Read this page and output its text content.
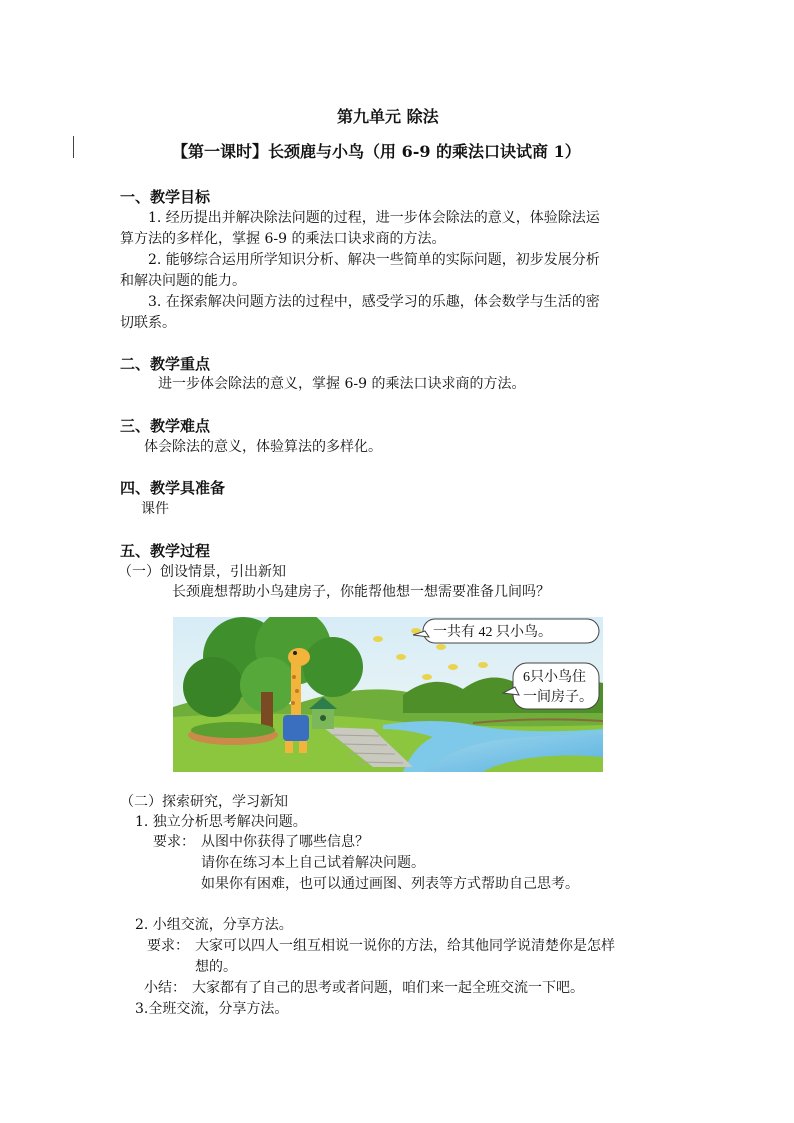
第九单元 除法
【第一课时】长颈鹿与小鸟（用 6-9 的乘法口诀试商 1）
一、教学目标
1. 经历提出并解决除法问题的过程，进一步体会除法的意义，体验除法运
算方法的多样化，掌握 6-9 的乘法口诀求商的方法。
2. 能够综合运用所学知识分析、解决一些简单的实际问题，初步发展分析
和解决问题的能力。
3. 在探索解决问题方法的过程中，感受学习的乐趣，体会数学与生活的密
切联系。
二、教学重点
进一步体会除法的意义，掌握 6-9 的乘法口诀求商的方法。
三、教学难点
体会除法的意义，体验算法的多样化。
四、教学具准备
课件
五、教学过程
（一）创设情景，引出新知
长颈鹿想帮助小鸟建房子，你能帮他想一想需要准备几间吗？
一共有 42 只小鸟。
6只小鸟住
一间房子。
（二）探索研究，学习新知
1. 独立分析思考解决问题。
要求： 从图中你获得了哪些信息？
请你在练习本上自己试着解决问题。
如果你有困难，也可以通过画图、列表等方式帮助自己思考。
2. 小组交流，分享方法。
要求： 大家可以四人一组互相说一说你的方法，给其他同学说清楚你是怎样
想的。
小结： 大家都有了自己的思考或者问题，咱们来一起全班交流一下吧。
3.全班交流，分享方法。
